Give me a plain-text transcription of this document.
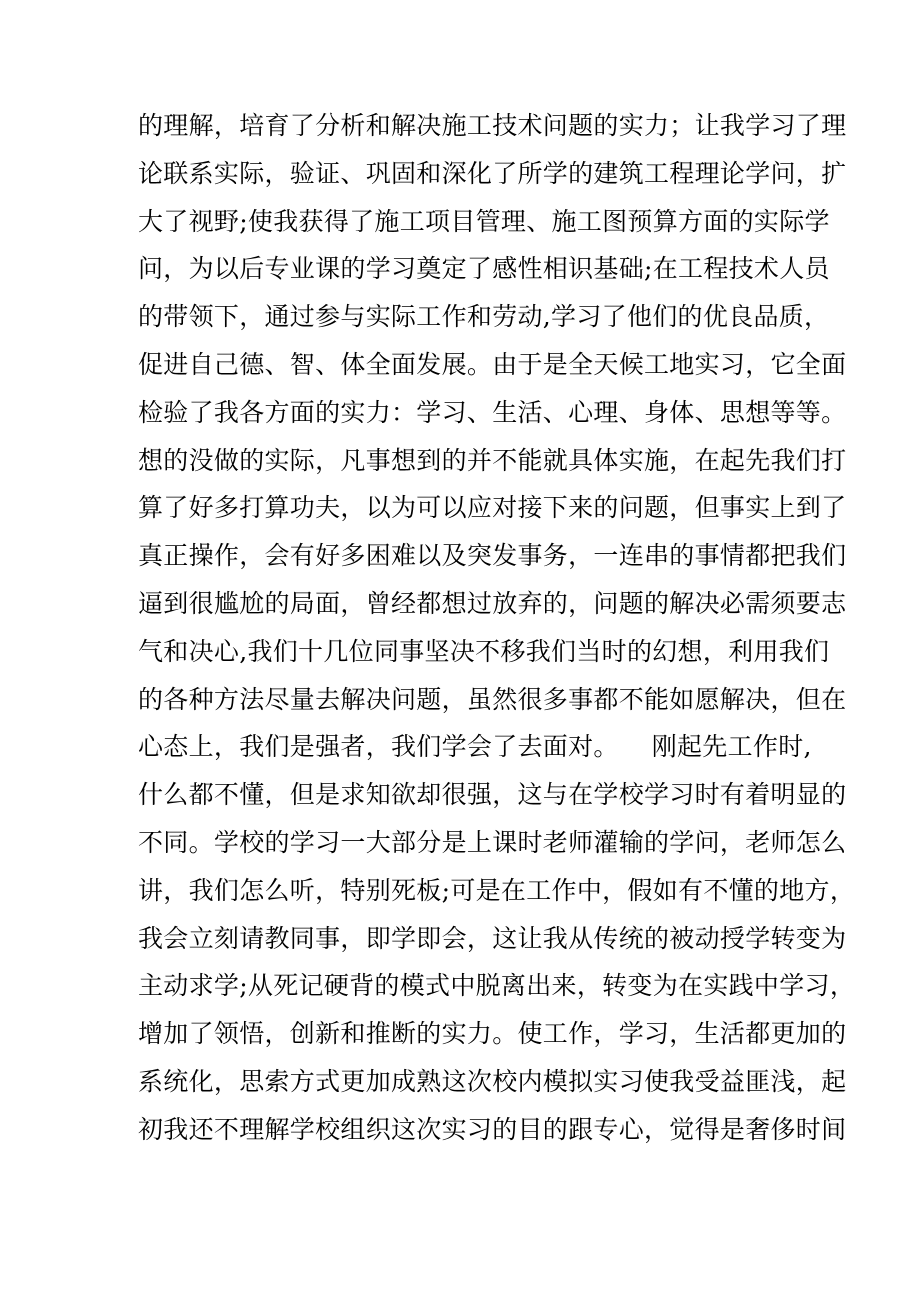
的理解，培育了分析和解决施工技术问题的实力；让我学习了理
论联系实际，验证、巩固和深化了所学的建筑工程理论学问，扩
大了视野;使我获得了施工项目管理、施工图预算方面的实际学
问，为以后专业课的学习奠定了感性相识基础;在工程技术人员
的带领下，通过参与实际工作和劳动,学习了他们的优良品质，
促进自己德、智、体全面发展。由于是全天候工地实习，它全面
检验了我各方面的实力：学习、生活、心理、身体、思想等等。
想的没做的实际，凡事想到的并不能就具体实施，在起先我们打
算了好多打算功夫，以为可以应对接下来的问题，但事实上到了
真正操作，会有好多困难以及突发事务，一连串的事情都把我们
逼到很尴尬的局面，曾经都想过放弃的，问题的解决必需须要志
气和决心,我们十几位同事坚决不移我们当时的幻想，利用我们
的各种方法尽量去解决问题，虽然很多事都不能如愿解决，但在
心态上，我们是强者，我们学会了去面对。    刚起先工作时,
什么都不懂，但是求知欲却很强，这与在学校学习时有着明显的
不同。学校的学习一大部分是上课时老师灌输的学问，老师怎么
讲，我们怎么听，特别死板;可是在工作中，假如有不懂的地方，
我会立刻请教同事，即学即会，这让我从传统的被动授学转变为
主动求学;从死记硬背的模式中脱离出来，转变为在实践中学习，
增加了领悟，创新和推断的实力。使工作，学习，生活都更加的
系统化，思索方式更加成熟这次校内模拟实习使我受益匪浅，起
初我还不理解学校组织这次实习的目的跟专心，觉得是奢侈时间
